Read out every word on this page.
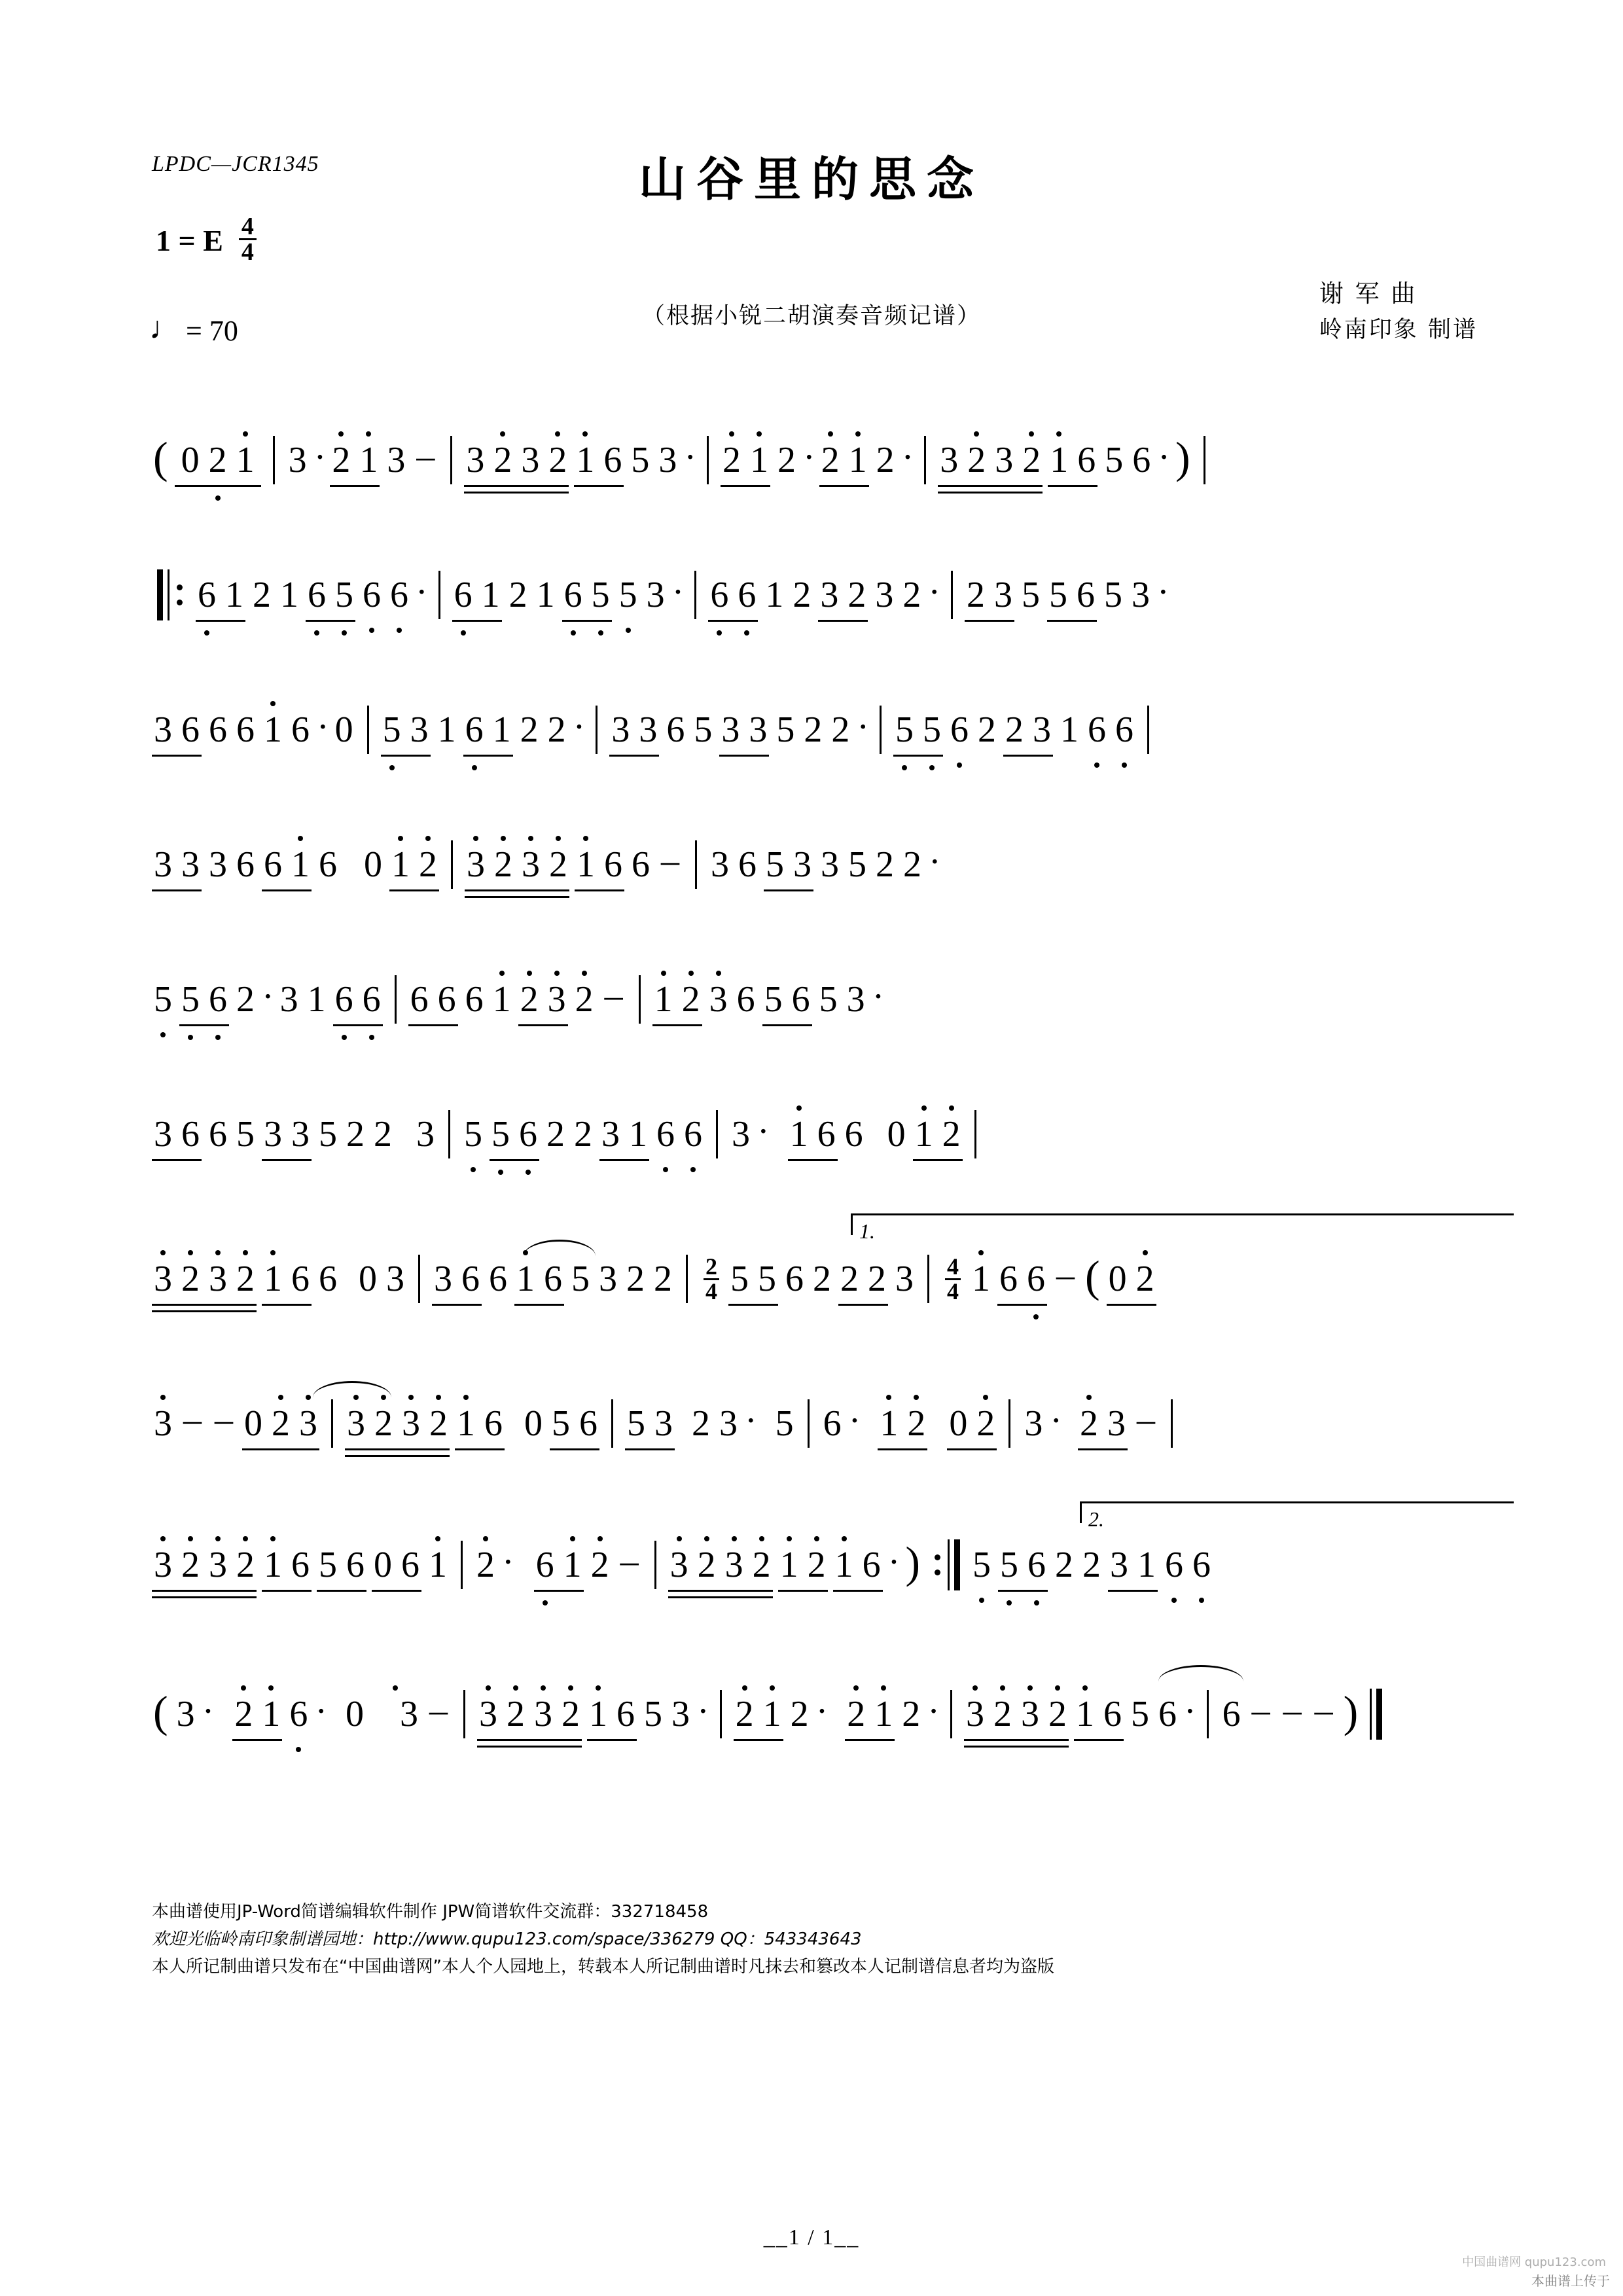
LPDC—JCR1345	山谷里的思念
（根据小锐二胡演奏音频记谱）
1 = E $\frac{4}{4}$
♩ = 70
谢 军 曲
岭南印象 制谱
( 0 2 1 3 · 2 1 3 – 3 2 3 2 1 6 5 3 · 2 1 2 · 2 1 2 · 3 2 3 2 1 6 5 6 · )
6 1 2 1 6 5 6 6 · 6 1 2 1 6 5 5 3 · 6 6 1 2 3 2 3 2 · 2 3 5 5 6 5 3 ·
3 6 6 6 1 6 · 0 5 3 1 6 1 2 2 · 3 3 6 5 3 3 5 2 2 · 5 5 6 2 2 3 1 6 6
3 3 3 6 6 1 6 0 1 2 3 2 3 2 1 6 6 – 3 6 5 3 3 5 2 2 ·
5 5 6 2 · 3 1 6 6 6 6 6 1 2 3 2 – 1 2 3 6 5 6 5 3 ·
3 6 6 5 3 3 5 2 2 3 5 5 6 2 2 3 1 6 6 3 · 1 6 6 0 1 2
1.
3 2 3 2 1 6 6 0 3 3 6 6 1 6 5 3 2 $2 \frac{2}{4} 5$ 5 6 2 2 2 $3 \frac{4}{4} 1$ 6 6 – ( 0 2
3 – – 0 2 3 3 2 3 2 1 6 0 5 6 5 3 2 3 · 5 6 · 1 2 0 2 3 · 2 3 –
2.
3 2 3 2 1 6 5 6 0 6 1 2 · 6 1 2 – 3 2 3 2 1 2 1 6 · ) 5 5 6 2 2 3 1 6 6
( 3 · 2 1 6 · 0 3 – 3 2 3 2 1 6 5 3 · 2 1 2 · 2 1 2 · 3 2 3 2 1 6 5 6 · 6 – – – )
本曲谱使用JP-Word简谱编辑软件制作 JPW简谱软件交流群：332718458
欢迎光临岭南印象制谱园地：http://www.qupu123.com/space/336279 QQ：543343643
本人所记制曲谱只发布在“中国曲谱网”本人个人园地上，转载本人所记制曲谱时凡抹去和篡改本人记制谱信息者均为盗版
__1 / 1__
本曲谱上传于
中国曲谱网 qupu123.com
